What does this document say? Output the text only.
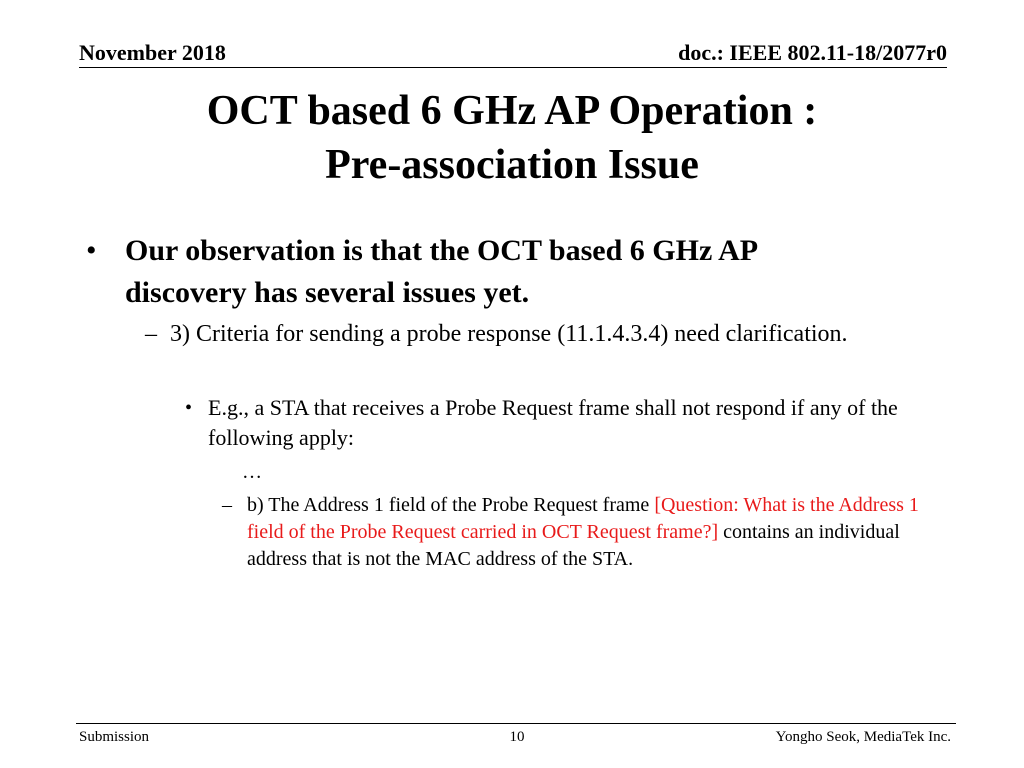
November 2018	doc.: IEEE 802.11-18/2077r0
OCT based 6 GHz AP Operation :
Pre-association Issue
• Our observation is that the OCT based 6 GHz AP discovery has several issues yet.
– 3) Criteria for sending a probe response (11.1.4.3.4) need clarification.
• E.g., a STA that receives a Probe Request frame shall not respond if any of the following apply:
…
– b) The Address 1 field of the Probe Request frame [Question: What is the Address 1 field of the Probe Request carried in OCT Request frame?] contains an individual address that is not the MAC address of the STA.
Submission	10	Yongho Seok, MediaTek Inc.
